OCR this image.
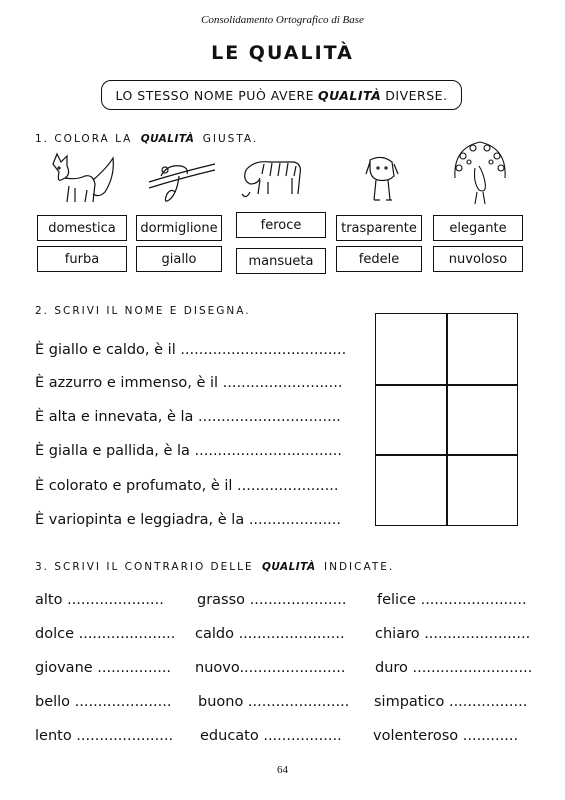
Consolidamento Ortografico di Base
LE QUALITÀ
LO STESSO NOME PUÒ AVERE QUALITÀ DIVERSE.
1. COLORA LA QUALITÀ GIUSTA.
domestica	dormiglione	feroce	trasparente	elegante
furba	giallo	mansueta	fedele	nuvoloso
2. SCRIVI IL NOME E DISEGNA.
È giallo e caldo, è il ....................................
È azzurro e immenso, è il ..........................
È alta e innevata, è la ...............................
È gialla e pallida, è la ................................
È colorato e profumato, è il ......................
È variopinta e leggiadra, è la ....................
3. SCRIVI IL CONTRARIO DELLE QUALITÀ INDICATE.
alto ..................... grasso ..................... felice .......................
dolce ..................... caldo ....................... chiaro .......................
giovane ................ nuovo....................... duro ..........................
bello ..................... buono ...................... simpatico .................
lento ..................... educato ................. volenteroso ............
64
